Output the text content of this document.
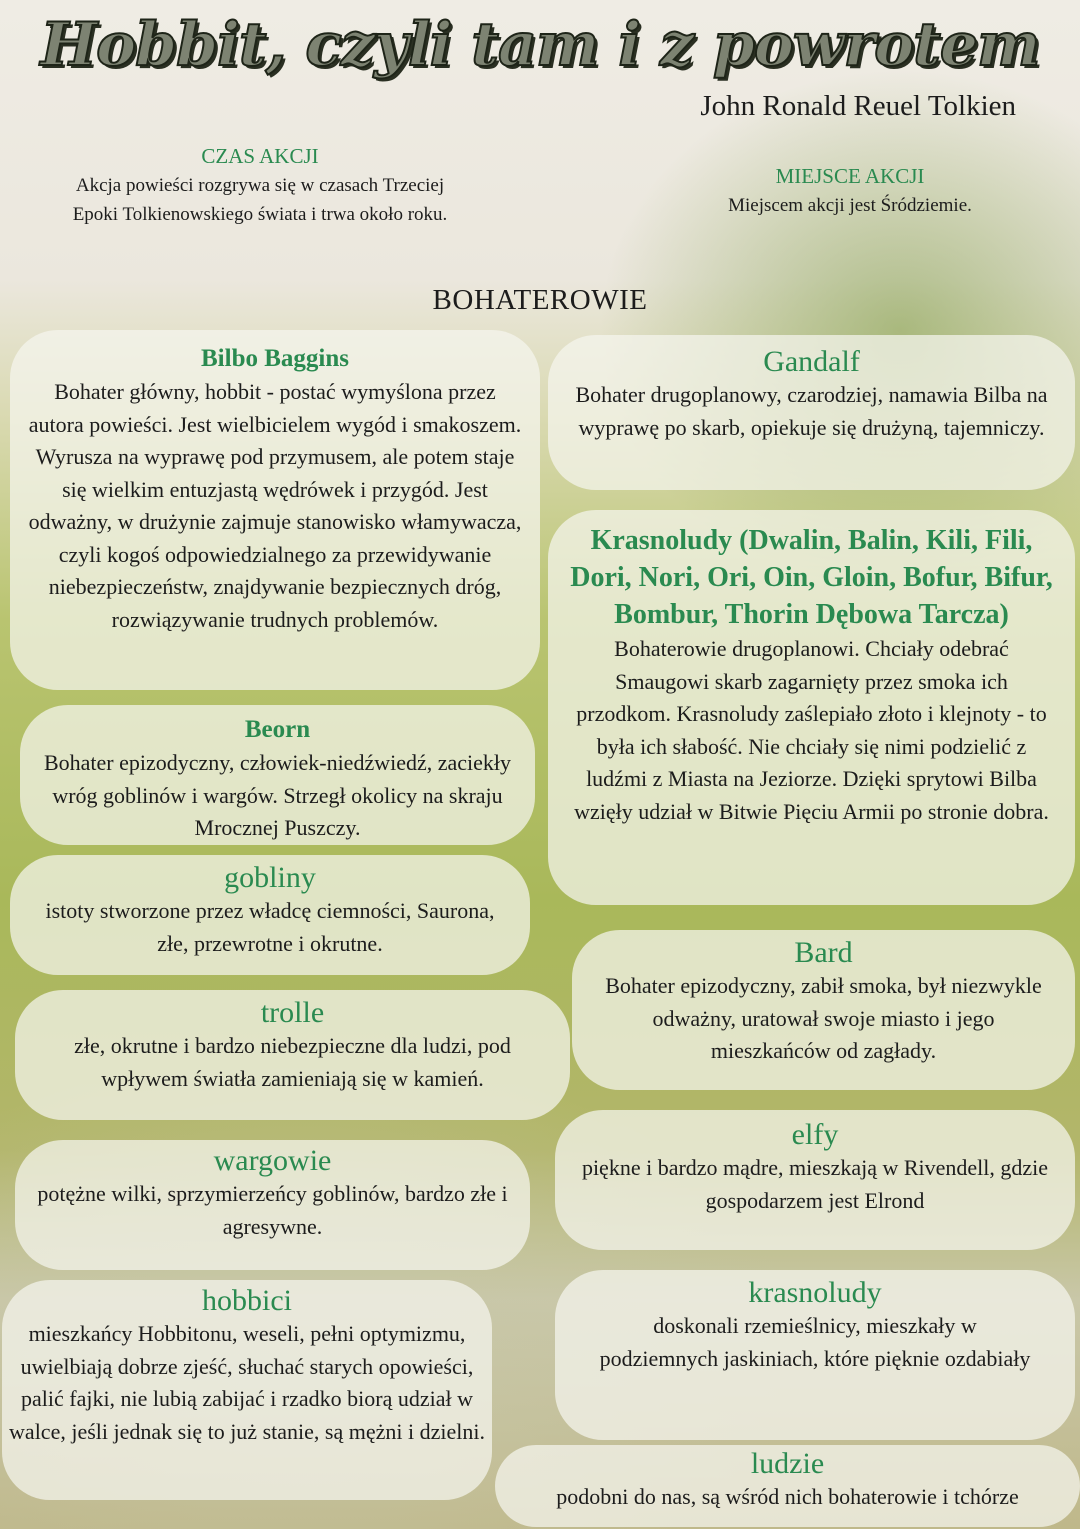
Hobbit, czyli tam i z powrotem
John Ronald Reuel Tolkien
CZAS AKCJI
Akcja powieści rozgrywa się w czasach Trzeciej Epoki Tolkienowskiego świata i trwa około roku.
MIEJSCE AKCJI
Miejscem akcji jest Śródziemie.
BOHATEROWIE
Bilbo Baggins

Bohater główny, hobbit - postać wymyślona przez autora powieści. Jest wielbicielem wygód i smakoszem. Wyrusza na wyprawę pod przymusem, ale potem staje się wielkim entuzjastą wędrówek i przygód. Jest odważny, w drużynie zajmuje stanowisko włamywacza, czyli kogoś odpowiedzialnego za przewidywanie niebezpieczeństw, znajdywanie bezpiecznych dróg, rozwiązywanie trudnych problemów.

Gandalf

Bohater drugoplanowy, czarodziej, namawia Bilba na wyprawę po skarb, opiekuje się drużyną, tajemniczy.

Krasnoludy (Dwalin, Balin, Kili, Fili, Dori, Nori, Ori, Oin, Gloin, Bofur, Bifur, Bombur, Thorin Dębowa Tarcza)

Bohaterowie drugoplanowi. Chciały odebrać Smaugowi skarb zagarnięty przez smoka ich przodkom. Krasnoludy zaślepiało złoto i klejnoty - to była ich słabość. Nie chciały się nimi podzielić z ludźmi z Miasta na Jeziorze. Dzięki sprytowi Bilba wzięły udział w Bitwie Pięciu Armii po stronie dobra.

Beorn

Bohater epizodyczny, człowiek-niedźwiedź, zaciekły wróg goblinów i wargów. Strzegł okolicy na skraju Mrocznej Puszczy.

gobliny

istoty stworzone przez władcę ciemności, Saurona, złe, przewrotne i okrutne.	Bard

Bohater epizodyczny, zabił smoka, był niezwykle odważny, uratował swoje miasto i jego mieszkańców od zagłady.

trolle

złe, okrutne i bardzo niebezpieczne dla ludzi, pod wpływem światła zamieniają się w kamień.

elfy

piękne i bardzo mądre, mieszkają w Rivendell, gdzie gospodarzem jest Elrond

wargowie

potężne wilki, sprzymierzeńcy goblinów, bardzo złe i agresywne.

krasnoludy

doskonali rzemieślnicy, mieszkały w podziemnych jaskiniach, które pięknie ozdabiały

hobbici

mieszkańcy Hobbitonu, weseli, pełni optymizmu, uwielbiają dobrze zjeść, słuchać starych opowieści, palić fajki, nie lubią zabijać i rzadko biorą udział w walce, jeśli jednak się to już stanie, są mężni i dzielni.

ludzie

podobni do nas, są wśród nich bohaterowie i tchórze
